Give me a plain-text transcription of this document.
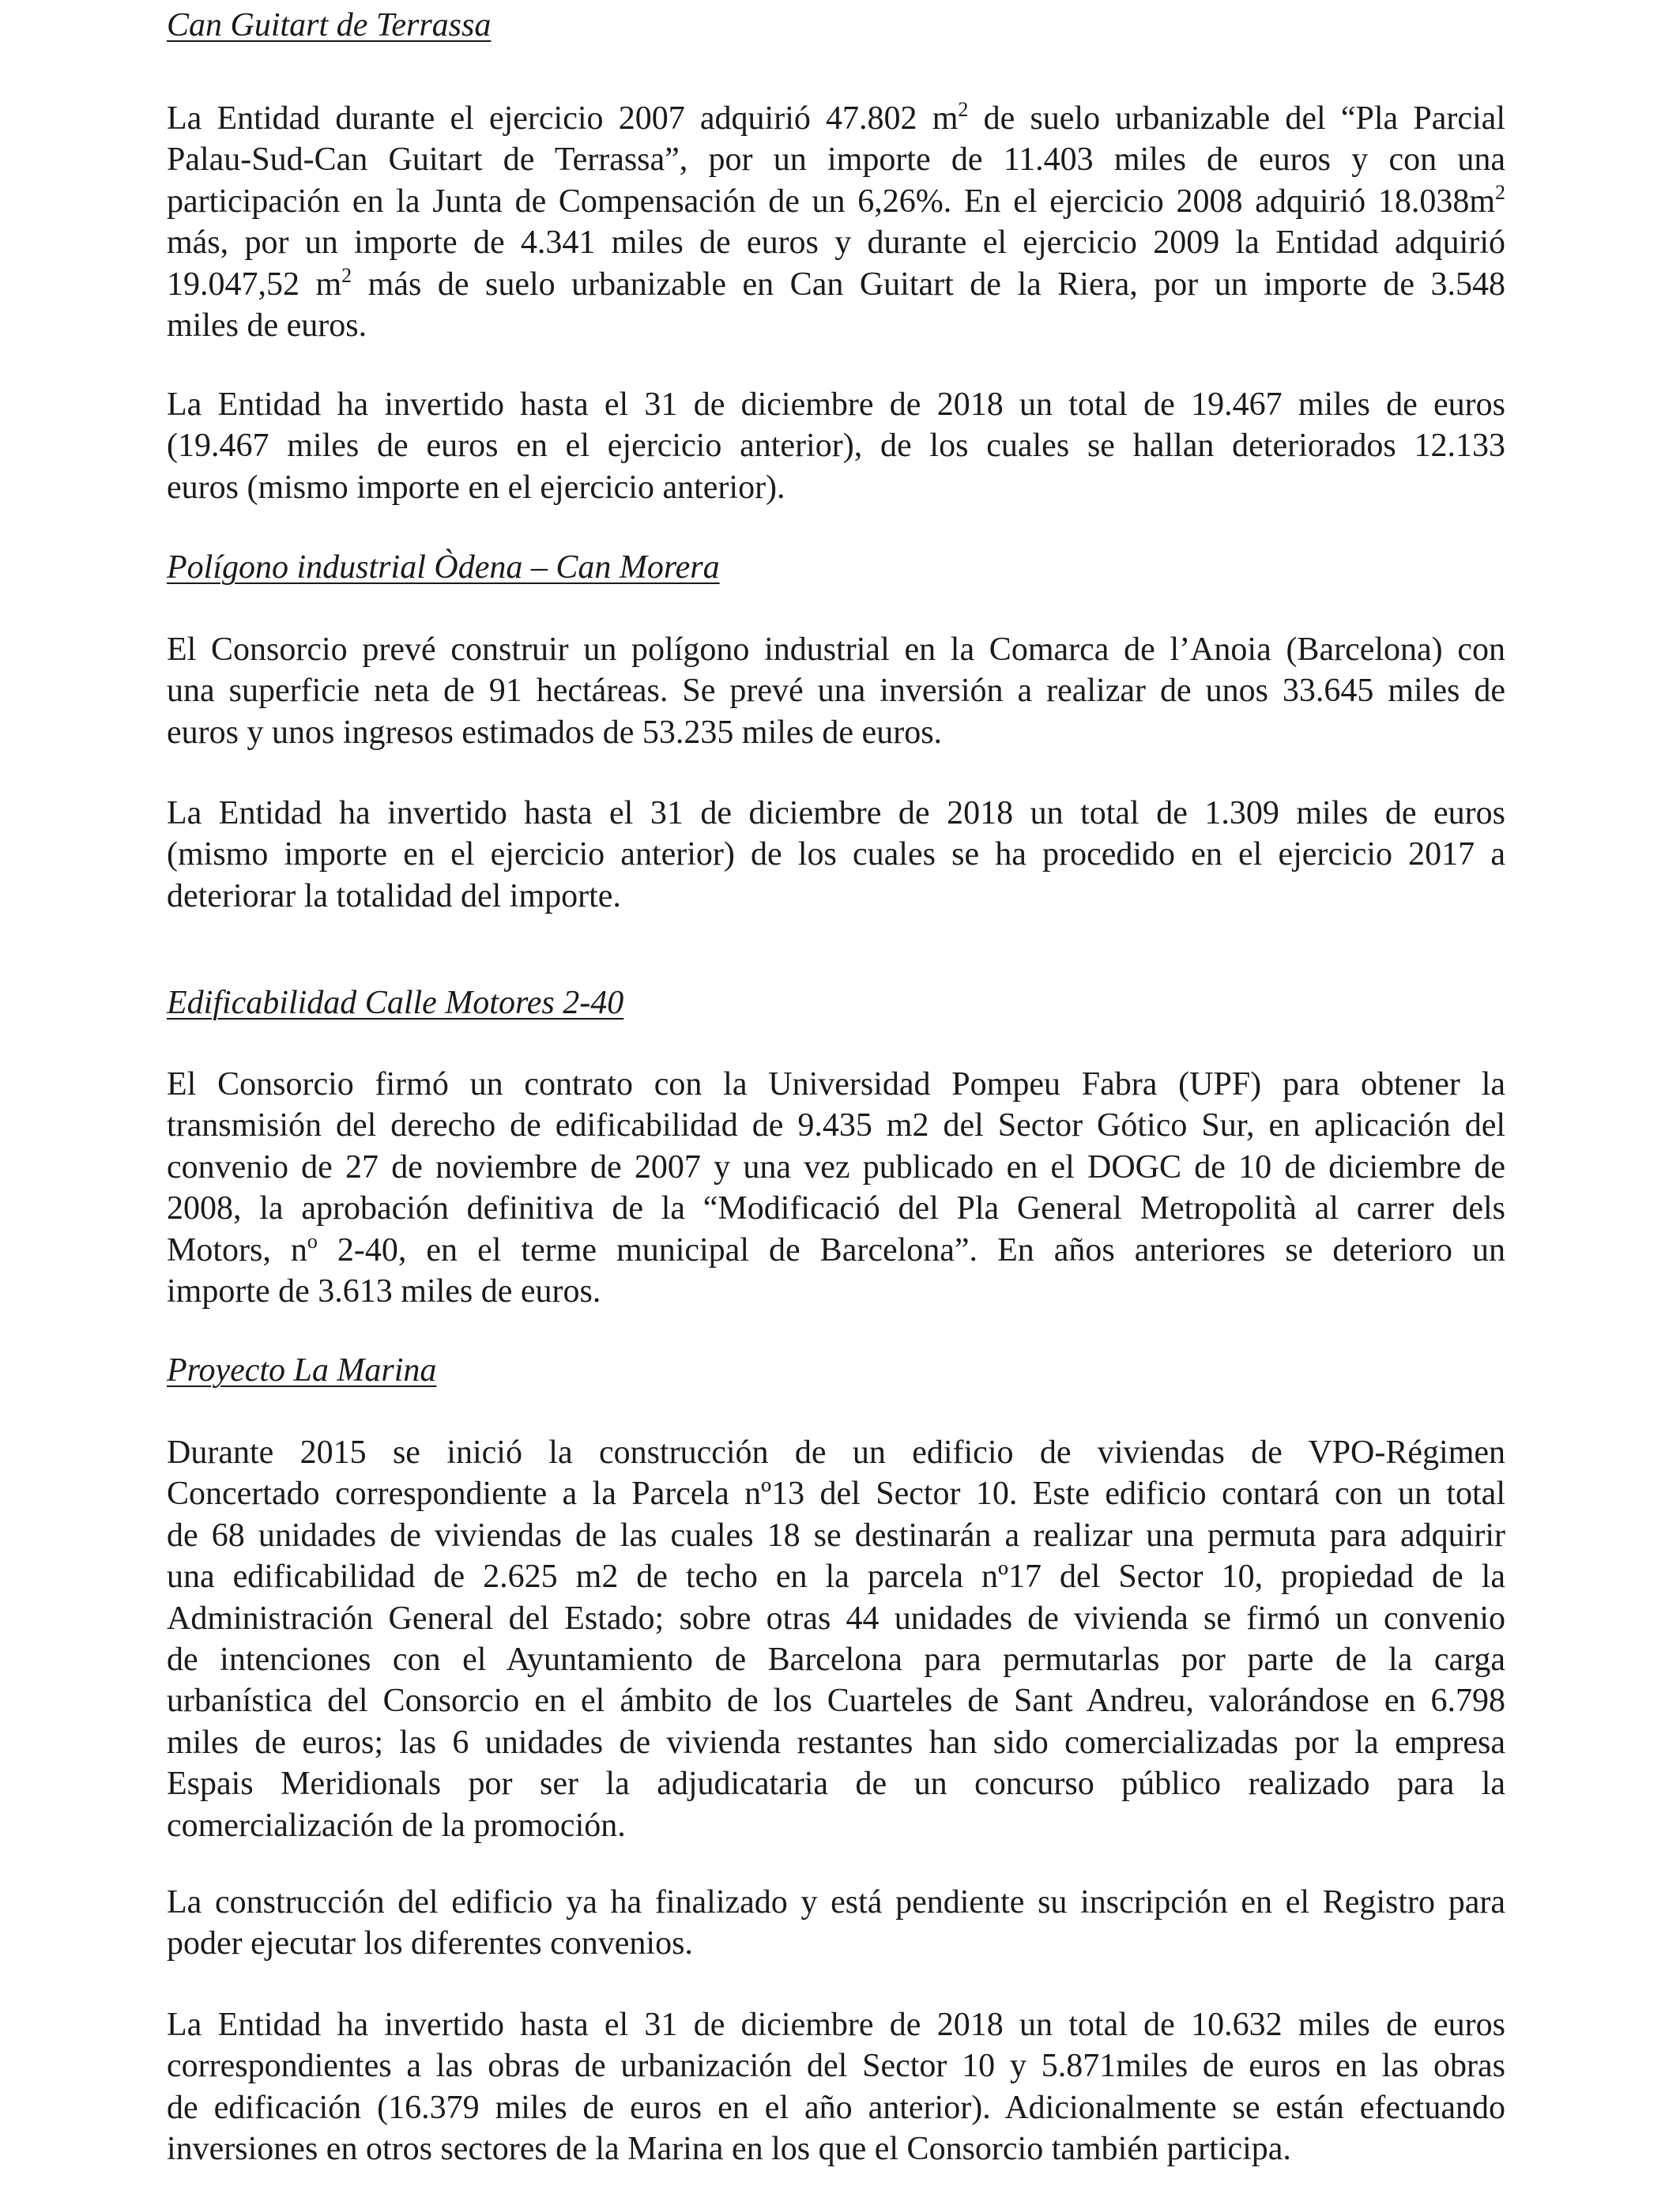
Can Guitart de Terrassa
La Entidad durante el ejercicio 2007 adquirió 47.802 $m^2$ de suelo urbanizable del “Pla Parcial
Palau-Sud-Can Guitart de Terrassa”, por un importe de 11.403 miles de euros y con una
participación en la Junta de Compensación de un 6,26%. En el ejercicio 2008 adquirió $18.038m^2$
más, por un importe de 4.341 miles de euros y durante el ejercicio 2009 la Entidad adquirió
19.047,52 $m^2$ más de suelo urbanizable en Can Guitart de la Riera, por un importe de 3.548
miles de euros.
La Entidad ha invertido hasta el 31 de diciembre de 2018 un total de 19.467 miles de euros
(19.467 miles de euros en el ejercicio anterior), de los cuales se hallan deteriorados 12.133
euros (mismo importe en el ejercicio anterior).
Polígono industrial Òdena – Can Morera
El Consorcio prevé construir un polígono industrial en la Comarca de l’Anoia (Barcelona) con
una superficie neta de 91 hectáreas. Se prevé una inversión a realizar de unos 33.645 miles de
euros y unos ingresos estimados de 53.235 miles de euros.
La Entidad ha invertido hasta el 31 de diciembre de 2018 un total de 1.309 miles de euros
(mismo importe en el ejercicio anterior) de los cuales se ha procedido en el ejercicio 2017 a
deteriorar la totalidad del importe.
Edificabilidad Calle Motores 2-40
El Consorcio firmó un contrato con la Universidad Pompeu Fabra (UPF) para obtener la
transmisión del derecho de edificabilidad de 9.435 m2 del Sector Gótico Sur, en aplicación del
convenio de 27 de noviembre de 2007 y una vez publicado en el DOGC de 10 de diciembre de
2008, la aprobación definitiva de la “Modificació del Pla General Metropolità al carrer dels
Motors, $n^o$ 2-40, en el terme municipal de Barcelona”. En años anteriores se deterioro un
importe de 3.613 miles de euros.
Proyecto La Marina
Durante 2015 se inició la construcción de un edificio de viviendas de VPO-Régimen
Concertado correspondiente a la Parcela nº13 del Sector 10. Este edificio contará con un total
de 68 unidades de viviendas de las cuales 18 se destinarán a realizar una permuta para adquirir
una edificabilidad de 2.625 m2 de techo en la parcela nº17 del Sector 10, propiedad de la
Administración General del Estado; sobre otras 44 unidades de vivienda se firmó un convenio
de intenciones con el Ayuntamiento de Barcelona para permutarlas por parte de la carga
urbanística del Consorcio en el ámbito de los Cuarteles de Sant Andreu, valorándose en 6.798
miles de euros; las 6 unidades de vivienda restantes han sido comercializadas por la empresa
Espais Meridionals por ser la adjudicataria de un concurso público realizado para la
comercialización de la promoción.
La construcción del edificio ya ha finalizado y está pendiente su inscripción en el Registro para
poder ejecutar los diferentes convenios.
La Entidad ha invertido hasta el 31 de diciembre de 2018 un total de 10.632 miles de euros
correspondientes a las obras de urbanización del Sector 10 y 5.871miles de euros en las obras
de edificación (16.379 miles de euros en el año anterior). Adicionalmente se están efectuando
inversiones en otros sectores de la Marina en los que el Consorcio también participa.
